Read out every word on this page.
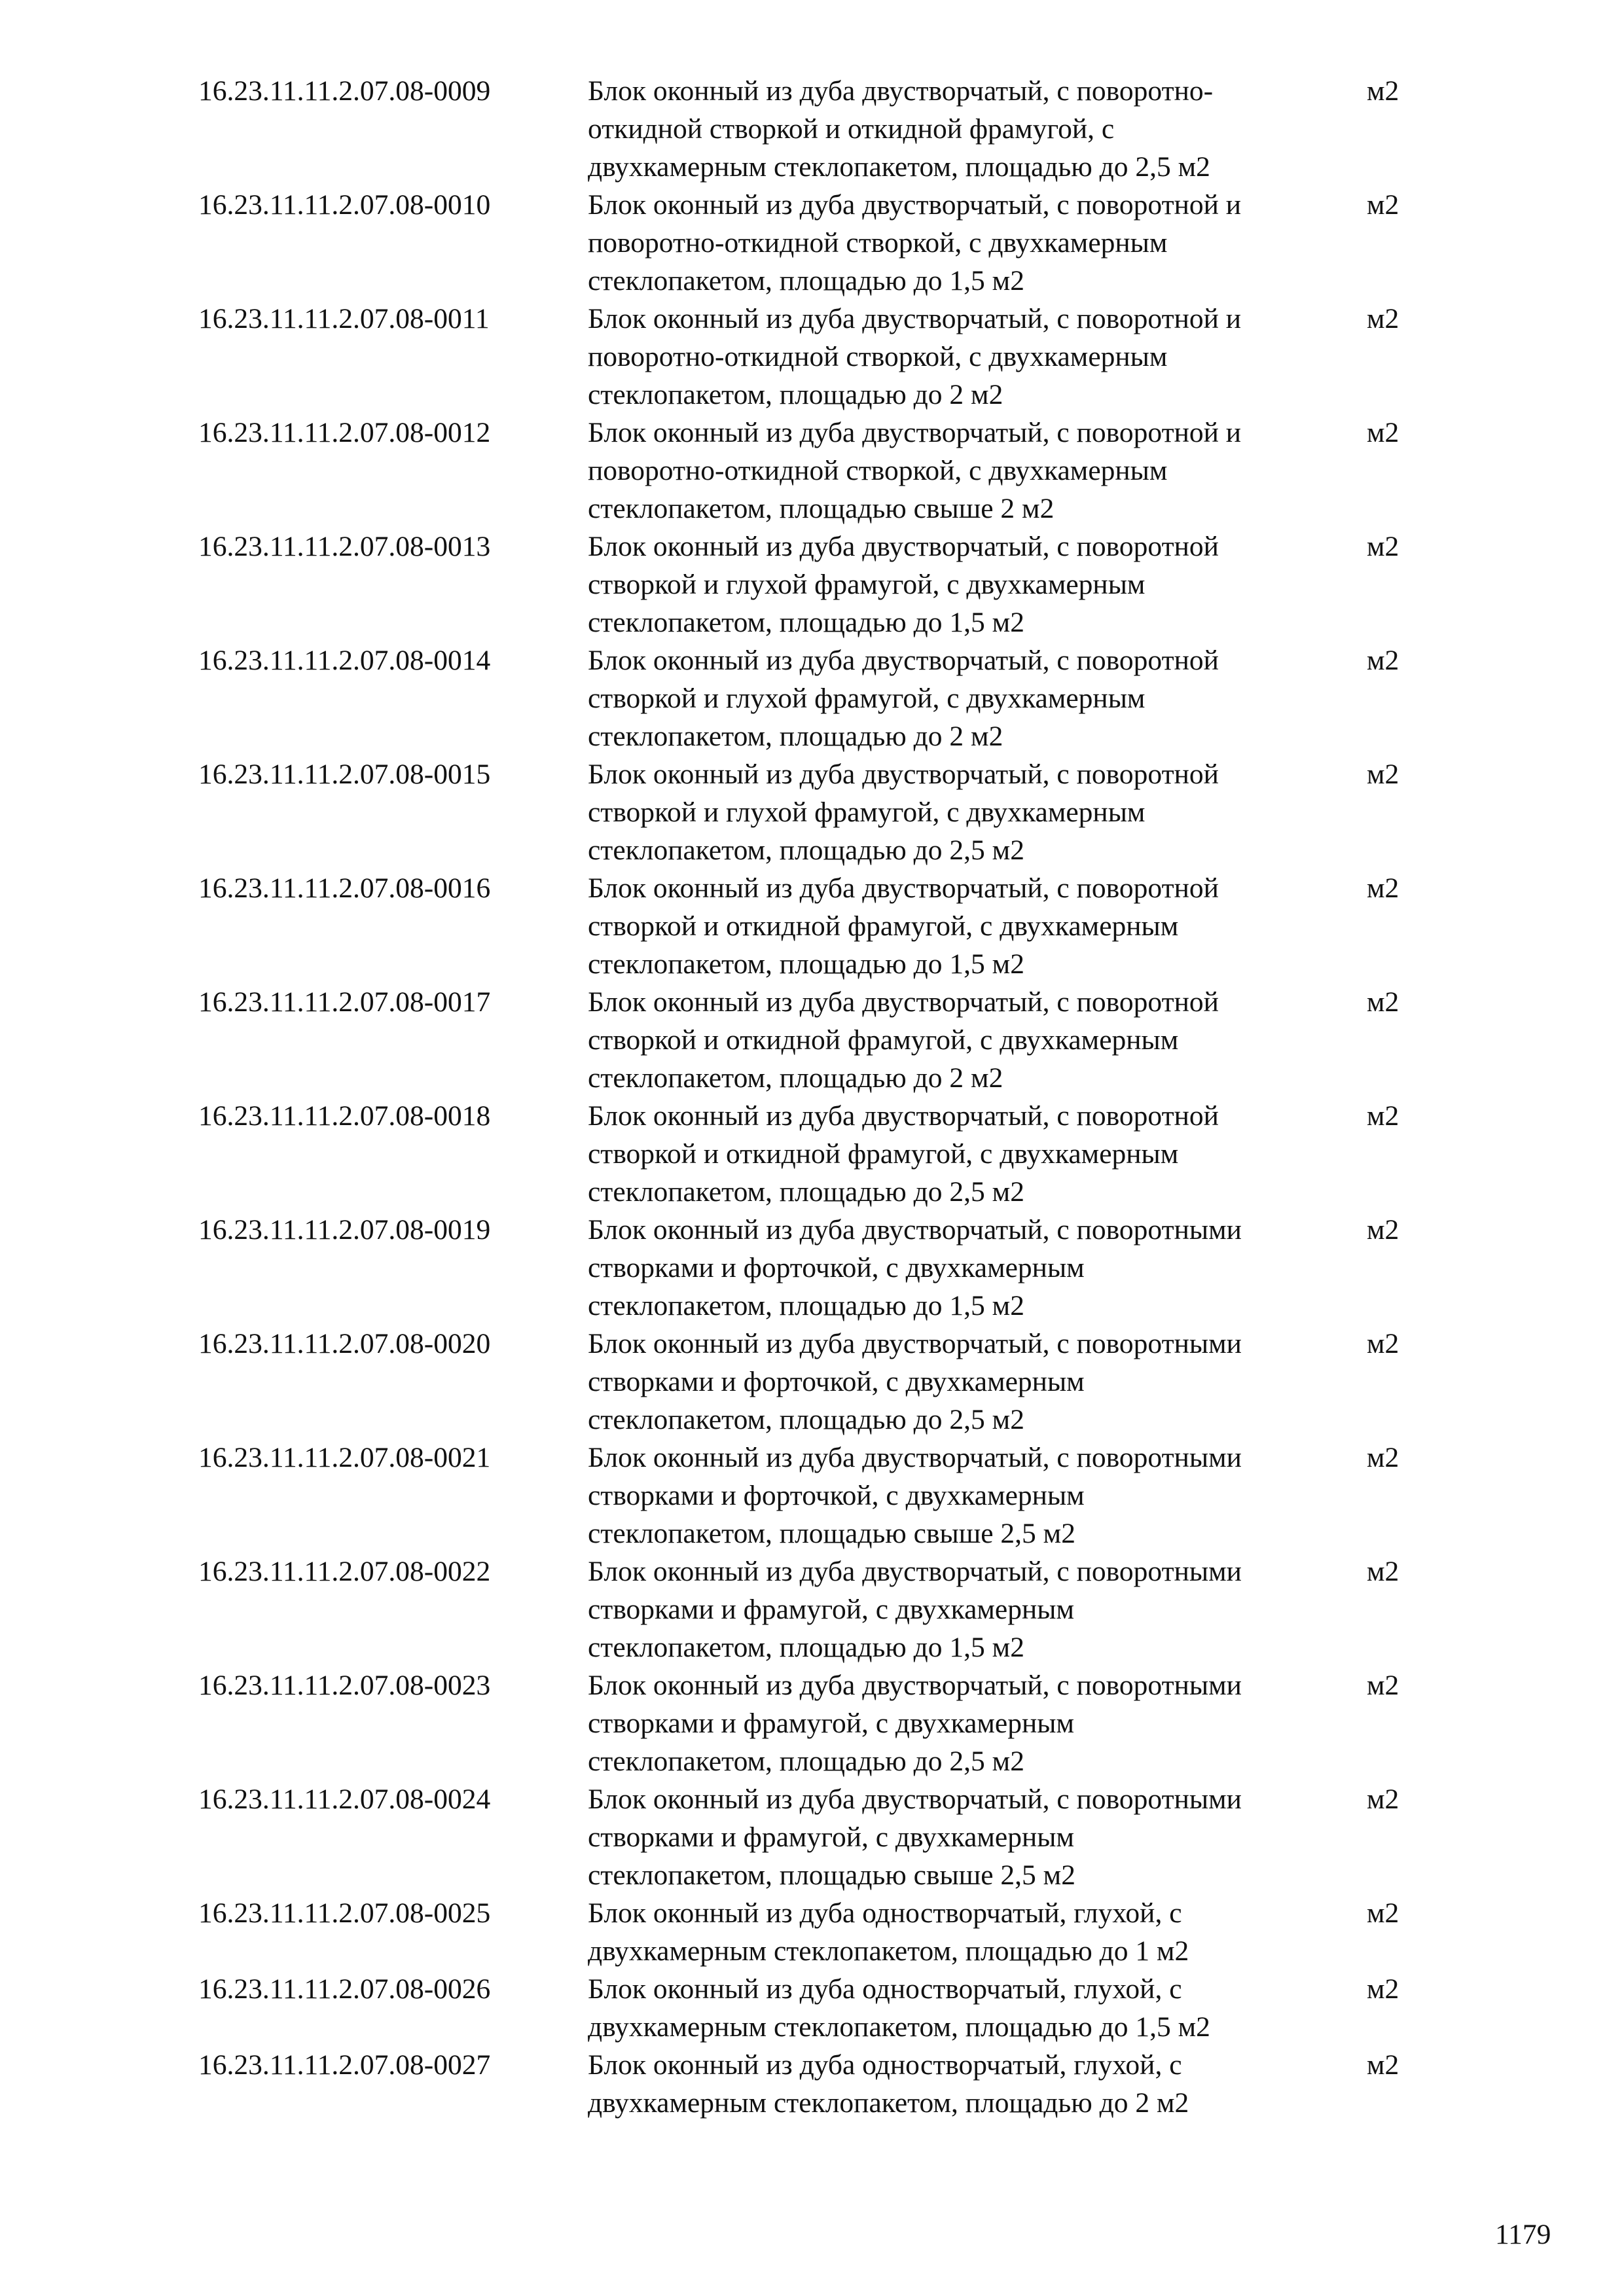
16.23.11.11.2.07.08-0009	Блок оконный из дуба двустворчатый, с поворотно-
откидной створкой и откидной фрамугой, с
двухкамерным стеклопакетом, площадью до 2,5 м2
м2
16.23.11.11.2.07.08-0010	Блок оконный из дуба двустворчатый, с поворотной и
поворотно-откидной створкой, с двухкамерным
стеклопакетом, площадью до 1,5 м2
м2
16.23.11.11.2.07.08-0011	Блок оконный из дуба двустворчатый, с поворотной и
поворотно-откидной створкой, с двухкамерным
стеклопакетом, площадью до 2 м2
м2
16.23.11.11.2.07.08-0012	Блок оконный из дуба двустворчатый, с поворотной и
поворотно-откидной створкой, с двухкамерным
стеклопакетом, площадью свыше 2 м2
м2
16.23.11.11.2.07.08-0013	Блок оконный из дуба двустворчатый, с поворотной
створкой и глухой фрамугой, с двухкамерным
стеклопакетом, площадью до 1,5 м2
м2
16.23.11.11.2.07.08-0014	Блок оконный из дуба двустворчатый, с поворотной
створкой и глухой фрамугой, с двухкамерным
стеклопакетом, площадью до 2 м2
м2
16.23.11.11.2.07.08-0015	Блок оконный из дуба двустворчатый, с поворотной
створкой и глухой фрамугой, с двухкамерным
стеклопакетом, площадью до 2,5 м2
м2
16.23.11.11.2.07.08-0016	Блок оконный из дуба двустворчатый, с поворотной
створкой и откидной фрамугой, с двухкамерным
стеклопакетом, площадью до 1,5 м2
м2
16.23.11.11.2.07.08-0017	Блок оконный из дуба двустворчатый, с поворотной
створкой и откидной фрамугой, с двухкамерным
стеклопакетом, площадью до 2 м2
м2
16.23.11.11.2.07.08-0018	Блок оконный из дуба двустворчатый, с поворотной
створкой и откидной фрамугой, с двухкамерным
стеклопакетом, площадью до 2,5 м2
м2
16.23.11.11.2.07.08-0019	Блок оконный из дуба двустворчатый, с поворотными
створками и форточкой, с двухкамерным
стеклопакетом, площадью до 1,5 м2
м2
16.23.11.11.2.07.08-0020	Блок оконный из дуба двустворчатый, с поворотными
створками и форточкой, с двухкамерным
стеклопакетом, площадью до 2,5 м2
м2
16.23.11.11.2.07.08-0021	Блок оконный из дуба двустворчатый, с поворотными
створками и форточкой, с двухкамерным
стеклопакетом, площадью свыше 2,5 м2
м2
16.23.11.11.2.07.08-0022	Блок оконный из дуба двустворчатый, с поворотными
створками и фрамугой, с двухкамерным
стеклопакетом, площадью до 1,5 м2
м2
16.23.11.11.2.07.08-0023	Блок оконный из дуба двустворчатый, с поворотными
створками и фрамугой, с двухкамерным
стеклопакетом, площадью до 2,5 м2
м2
16.23.11.11.2.07.08-0024	Блок оконный из дуба двустворчатый, с поворотными
створками и фрамугой, с двухкамерным
стеклопакетом, площадью свыше 2,5 м2
м2
16.23.11.11.2.07.08-0025	Блок оконный из дуба одностворчатый, глухой, с
двухкамерным стеклопакетом, площадью до 1 м2
м2
16.23.11.11.2.07.08-0026	Блок оконный из дуба одностворчатый, глухой, с
двухкамерным стеклопакетом, площадью до 1,5 м2
м2
16.23.11.11.2.07.08-0027	Блок оконный из дуба одностворчатый, глухой, с
двухкамерным стеклопакетом, площадью до 2 м2
м2
1179
